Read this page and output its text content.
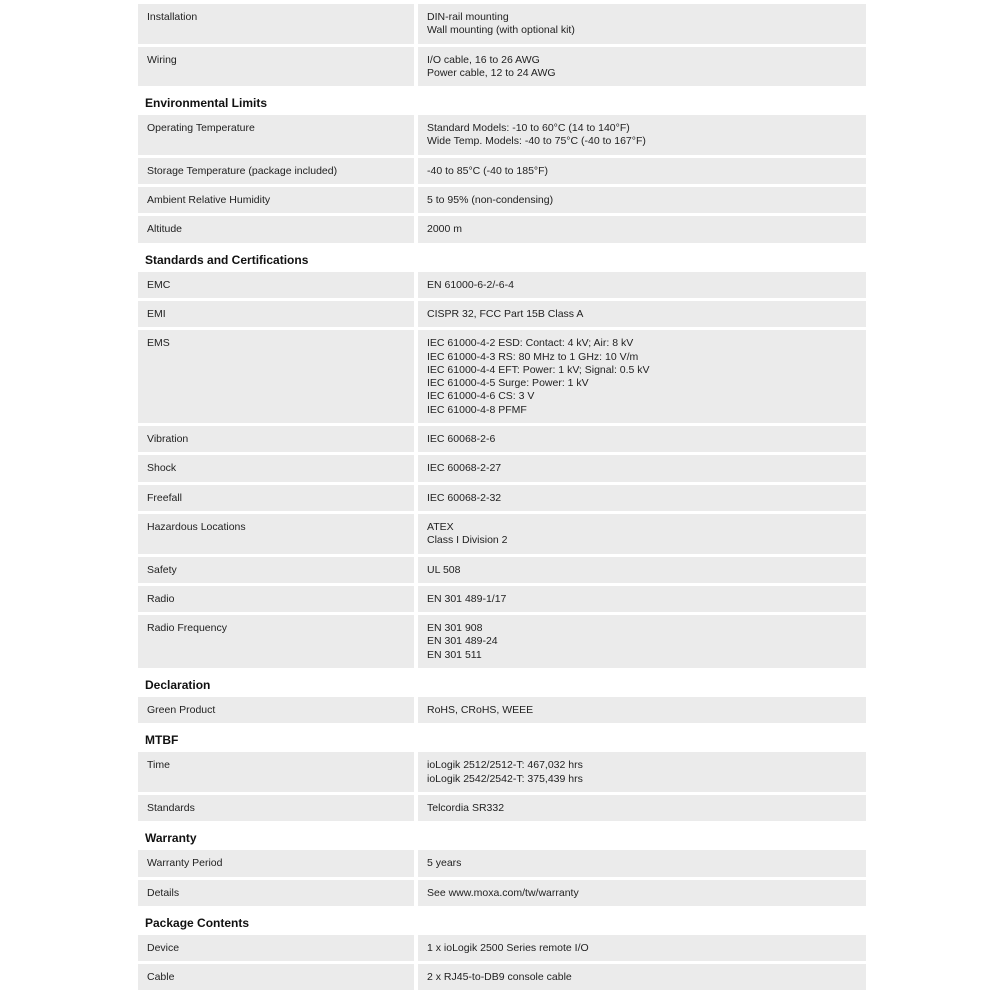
Installation	DIN-rail mounting
Wall mounting (with optional kit)
Wiring	I/O cable, 16 to 26 AWG
Power cable, 12 to 24 AWG
Environmental Limits
Operating Temperature	Standard Models: -10 to 60°C (14 to 140°F)
Wide Temp. Models: -40 to 75°C (-40 to 167°F)
Storage Temperature (package included)	-40 to 85°C (-40 to 185°F)
Ambient Relative Humidity	5 to 95% (non-condensing)
Altitude	2000 m
Standards and Certifications
EMC	EN 61000-6-2/-6-4
EMI	CISPR 32, FCC Part 15B Class A
EMS	IEC 61000-4-2 ESD: Contact: 4 kV; Air: 8 kV
IEC 61000-4-3 RS: 80 MHz to 1 GHz: 10 V/m
IEC 61000-4-4 EFT: Power: 1 kV; Signal: 0.5 kV
IEC 61000-4-5 Surge: Power: 1 kV
IEC 61000-4-6 CS: 3 V
IEC 61000-4-8 PFMF
Vibration	IEC 60068-2-6
Shock	IEC 60068-2-27
Freefall	IEC 60068-2-32
Hazardous Locations	ATEX
Class I Division 2
Safety	UL 508
Radio	EN 301 489-1/17
Radio Frequency	EN 301 908
EN 301 489-24
EN 301 511
Declaration
Green Product	RoHS, CRoHS, WEEE
MTBF
Time	ioLogik 2512/2512-T: 467,032 hrs
ioLogik 2542/2542-T: 375,439 hrs
Standards	Telcordia SR332
Warranty
Warranty Period	5 years
Details	See www.moxa.com/tw/warranty
Package Contents
Device	1 x ioLogik 2500 Series remote I/O
Cable	2 x RJ45-to-DB9 console cable
